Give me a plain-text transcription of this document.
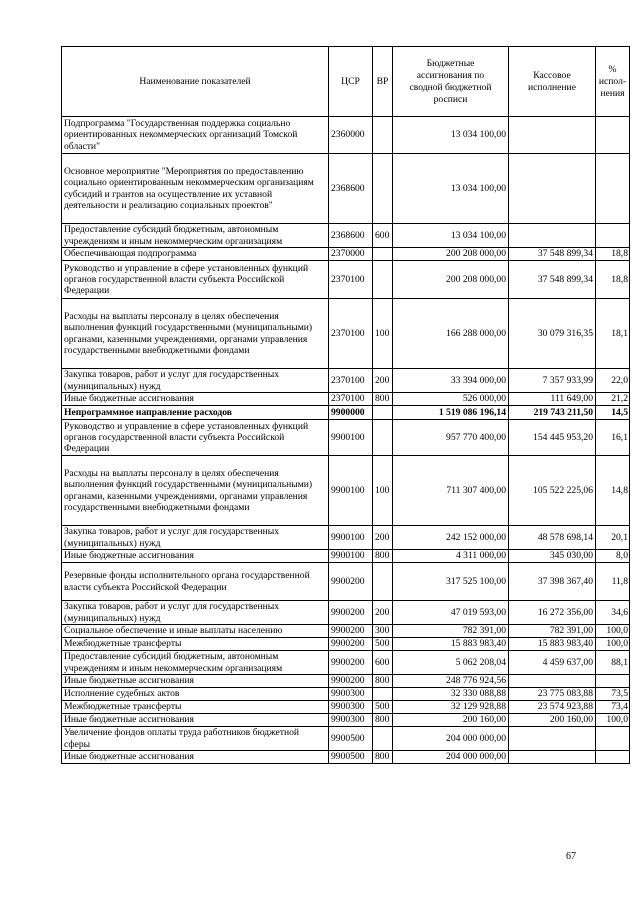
Наименование показателей	ЦСР	ВР	Бюджетные ассигнования по сводной бюджетной росписи	Кассовое исполнение	% испол-нения
Подпрограмма "Государственная поддержка социально ориентированных некоммерческих организаций Томской области"	2360000		13 034 100,00		
Основное мероприятие "Мероприятия по предоставлению социально ориентированным некоммерческим организациям субсидий и грантов на осуществление их уставной деятельности и реализацию социальных проектов"	2368600		13 034 100,00		
Предоставление субсидий бюджетным, автономным учреждениям и иным некоммерческим организациям	2368600	600	13 034 100,00		
Обеспечивающая подпрограмма	2370000		200 208 000,00	37 548 899,34	18,8
Руководство и управление в сфере установленных функций органов государственной власти субъекта Российской Федерации	2370100		200 208 000,00	37 548 899,34	18,8
Расходы на выплаты персоналу в целях обеспечения выполнения функций государственными (муниципальными) органами, казенными учреждениями, органами управления государственными внебюджетными фондами	2370100	100	166 288 000,00	30 079 316,35	18,1
Закупка товаров, работ и услуг для государственных (муниципальных) нужд	2370100	200	33 394 000,00	7 357 933,99	22,0
Иные бюджетные ассигнования	2370100	800	526 000,00	111 649,00	21,2
Непрограммное направление расходов	9900000		1 519 086 196,14	219 743 211,50	14,5
Руководство и управление в сфере установленных функций органов государственной власти субъекта Российской Федерации	9900100		957 770 400,00	154 445 953,20	16,1
Расходы на выплаты персоналу в целях обеспечения выполнения функций государственными (муниципальными) органами, казенными учреждениями, органами управления государственными внебюджетными фондами	9900100	100	711 307 400,00	105 522 225,06	14,8
Закупка товаров, работ и услуг для государственных (муниципальных) нужд	9900100	200	242 152 000,00	48 578 698,14	20,1
Иные бюджетные ассигнования	9900100	800	4 311 000,00	345 030,00	8,0
Резервные фонды исполнительного органа государственной власти субъекта Российской Федерации	9900200		317 525 100,00	37 398 367,40	11,8
Закупка товаров, работ и услуг для государственных (муниципальных) нужд	9900200	200	47 019 593,00	16 272 356,00	34,6
Социальное обеспечение и иные выплаты населению	9900200	300	782 391,00	782 391,00	100,0
Межбюджетные трансферты	9900200	500	15 883 983,40	15 883 983,40	100,0
Предоставление субсидий бюджетным, автономным учреждениям и иным некоммерческим организациям	9900200	600	5 062 208,04	4 459 637,00	88,1
Иные бюджетные ассигнования	9900200	800	248 776 924,56		
Исполнение судебных актов	9900300		32 330 088,88	23 775 083,88	73,5
Межбюджетные трансферты	9900300	500	32 129 928,88	23 574 923,88	73,4
Иные бюджетные ассигнования	9900300	800	200 160,00	200 160,00	100,0
Увеличение фондов оплаты труда работников бюджетной сферы	9900500		204 000 000,00		
Иные бюджетные ассигнования	9900500	800	204 000 000,00		
67
